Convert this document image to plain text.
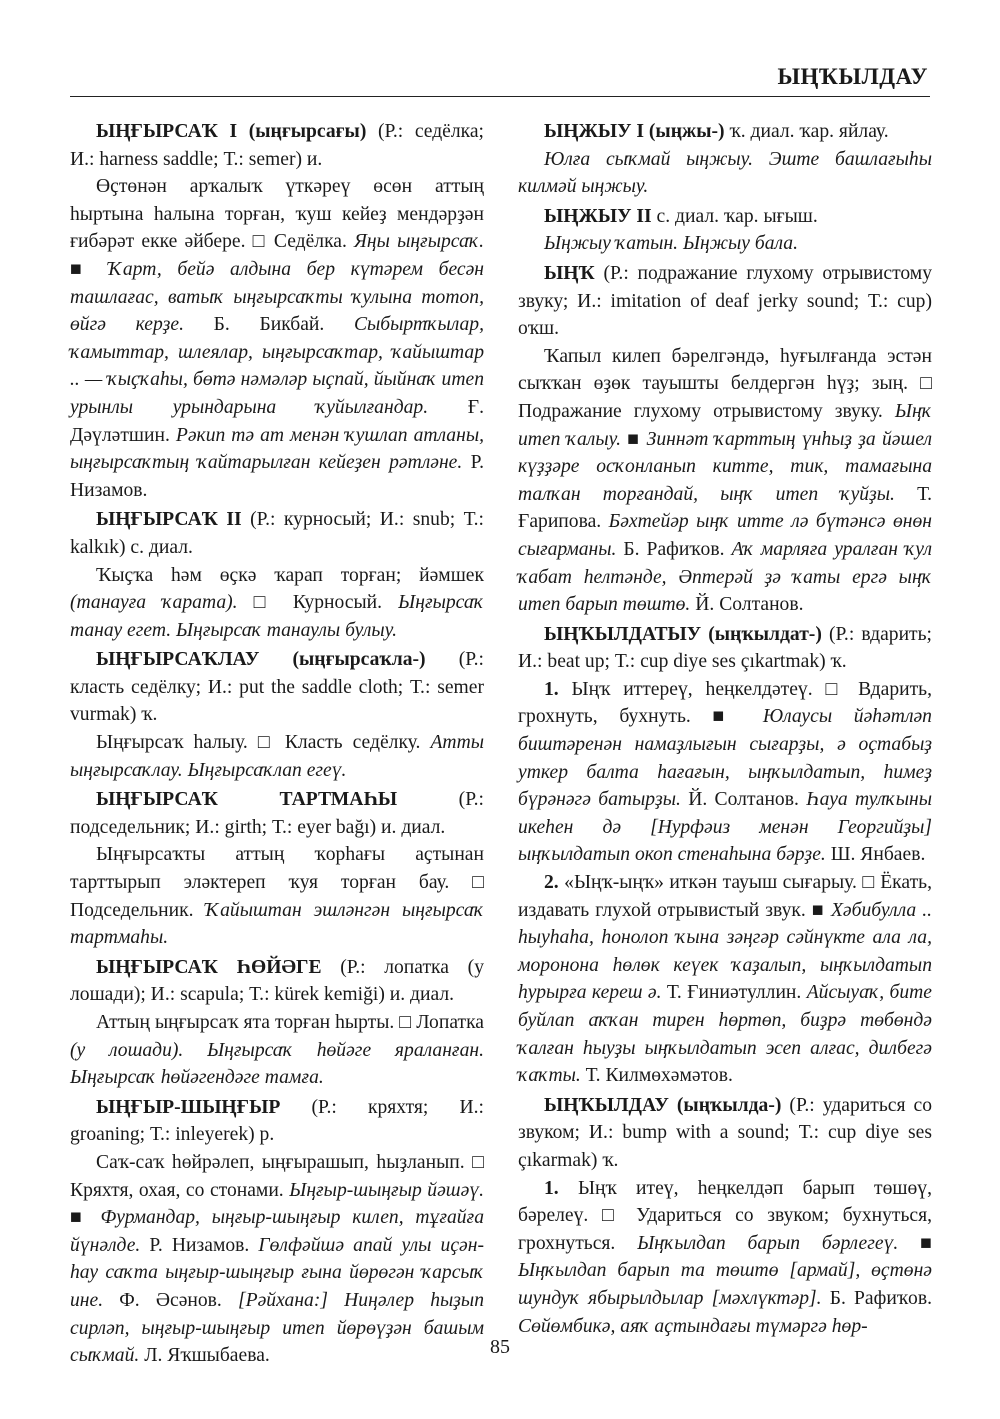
ЫҢҠЫЛДАУ

ЫҢҒЫРСАҠ I (ыңғырсағы) (Р.: седёлка; И.: harness saddle; Т.: semer) и.

Өҫтөнән арҡалыҡ үткәреү өсөн аттың һыртына һалына торған, ҡуш кейеҙ мендәрҙән ғибәрәт екке әйбере. □ Седёлка. Яңы ыңғырсаҡ. ■ Ҡарт, бейә алдына бер күтәрем бесән ташлағас, ватыҡ ыңғырсаҡты ҡулына тотоп, өйгә керҙе. Б. Бикбай. Сыбыртҡылар, ҡамыттар, шлеялар, ыңғырсаҡтар, ҡайыштар .. — ҡыҫҡаһы, бөтә нәмәләр ыҫпай, йыйнаҡ итеп урынлы урындарына ҡуйылғандар. Ғ. Дәүләтшин. Рәкип тә ат менән ҡушлап атланы, ыңғырсаҡтың ҡайтарылған кейеҙен рәтләне. Р. Низамов.

ЫҢҒЫРСАҠ II (Р.: курносый; И.: snub; Т.: kalkık) с. диал.

Ҡыҫҡа һәм өҫкә ҡарап торған; йәмшек (танауға ҡарата). □ Курносый. Ыңғырсаҡ танау егет. Ыңғырсаҡ танаулы булыу.

ЫҢҒЫРСАҠЛАУ (ыңғырсаҡла-) (Р.: класть седёлку; И.: put the saddle cloth; Т.: semer vurmak) ҡ.

Ыңғырсаҡ һалыу. □ Класть седёлку. Атты ыңғырсаҡлау. Ыңғырсаҡлап егеү.

ЫҢҒЫРСАҠ ТАРТМАҺЫ (Р.: подседельник; И.: girth; Т.: eyer bağı) и. диал.

Ыңғырсаҡты аттың ҡорһағы аҫтынан тарттырып эләктереп ҡуя торған бау. □ Подседельник. Ҡайыштан эшләнгән ыңғырсаҡ тартмаһы.

ЫҢҒЫРСАҠ ҺӨЙӘГЕ (Р.: лопатка (у лошади); И.: scapula; Т.: kürek kemiği) и. диал.

Аттың ыңғырсаҡ ята торған һырты. □ Лопатка (у лошади). Ыңғырсаҡ һөйәге яраланған. Ыңғырсаҡ һөйәгендәге тамға.

ЫҢҒЫР-ШЫҢҒЫР (Р.: кряхтя; И.: groaning; Т.: inleyerek) р.

Саҡ-саҡ һөйрәлеп, ыңғырашып, һыҙланып. □ Кряхтя, охая, со стонами. Ыңғыр-шыңғыр йәшәү. ■ Фурмандар, ыңғыр-шыңғыр килеп, тұғайға йүнәлде. Р. Низамов. Гөлфәйшә апай улы иҫән-һау саҡта ыңғыр-шыңғыр ғына йөрөгән ҡарсыҡ ине. Ф. Әсәнов. [Рәйхана:] Ниңәлер һыҙып сирләп, ыңғыр-шыңғыр итеп йөрөүҙән башым сыҡмай. Л. Яҡшыбаева.

ЫҢЖЫУ I (ыңжы-) ҡ. диал. ҡар. яйлау.

Юлға сыҡмай ыңжыу. Эште башлағыһы килмәй ыңжыу.

ЫҢЖЫУ II с. диал. ҡар. ығыш.

Ыңжыу ҡатын. Ыңжыу бала.

ЫҢҠ (Р.: подражание глухому отрывистому звуку; И.: imitation of deaf jerky sound; Т.: cup) оҡш.

Ҡапыл килеп бәрелгәндә, һуғылғанда эстән сыҡҡан өҙөк тауышты белдергән һүҙ; зың. □ Подражание глухому отрывистому звуку. Ыңҡ итеп ҡалыу. ■ Зиннәт ҡарттың үнһыҙ ҙа йәшел күҙҙәре осҡонланып китте, тик, тамағына талҡан торғандай, ыңҡ итеп ҡуйҙы. Т. Ғарипова. Бәхтейәр ыңҡ итте лә бүтәнсә өнөн сығарманы. Б. Рафиҡов. Аҡ марляға уралған ҡул ҡабат һелтәнде, Әптерәй ҙә ҡаты ергә ыңҡ итеп барып төштө. Й. Солтанов.

ЫҢҠЫЛДАТЫУ (ыңҡылдат-) (Р.: вдарить; И.: beat up; Т.: cup diye ses çıkartmak) ҡ.

1. Ыңҡ иттереү, һеңкелдәтеү. □ Вдарить, грохнуть, бухнуть. ■ Юлаусы йәһәтләп биштәренән намаҙлығын сығарҙы, ә оҫтабыҙ уткер балта һағағын, ыңҡылдатып, һимеҙ бүрәнәгә батырҙы. Й. Солтанов. Һауа тулҡыны икеһен дә [Нурфәиз менән Георгийҙы] ыңҡылдатып окоп стенаһына бәрҙе. Ш. Янбаев.

2. «Ыңҡ-ыңҡ» иткән тауыш сығарыу. □ Ёкать, издавать глухой отрывистый звук. ■ Хәбибулла .. һыуһаһа, һонолоп ҡына зәңгәр сәйнүкте ала ла, моронона һөлөк кеүек ҡаҙалып, ыңҡылдатып һурырға кереш ә. Т. Ғиниәтуллин. Айсыуаҡ, бите буйлап аҡҡан тирен һөртөп, биҙрә төбөндә ҡалған һыуҙы ыңҡылдатып эсеп алғас, дилбегә ҡаҡты. Т. Килмөхәмәтов.

ЫҢҠЫЛДАУ (ыңҡылда-) (Р.: удариться со звуком; И.: bump with a sound; Т.: cup diye ses çıkarmak) ҡ.

1. Ыңҡ итеү, һеңкелдәп барып төшөү, бәрелеү. □ Удариться со звуком; бухнуться, грохнуться. Ыңҡылдап барып бәрлегеү. ■ Ыңҡылдап барып та төштө [армай], өҫтөнә шундуҡ ябырылдылар [мәхлүктәр]. Б. Рафиҡов. Сөйөмбикә, аяҡ аҫтындағы түмәргә һөр-

85
